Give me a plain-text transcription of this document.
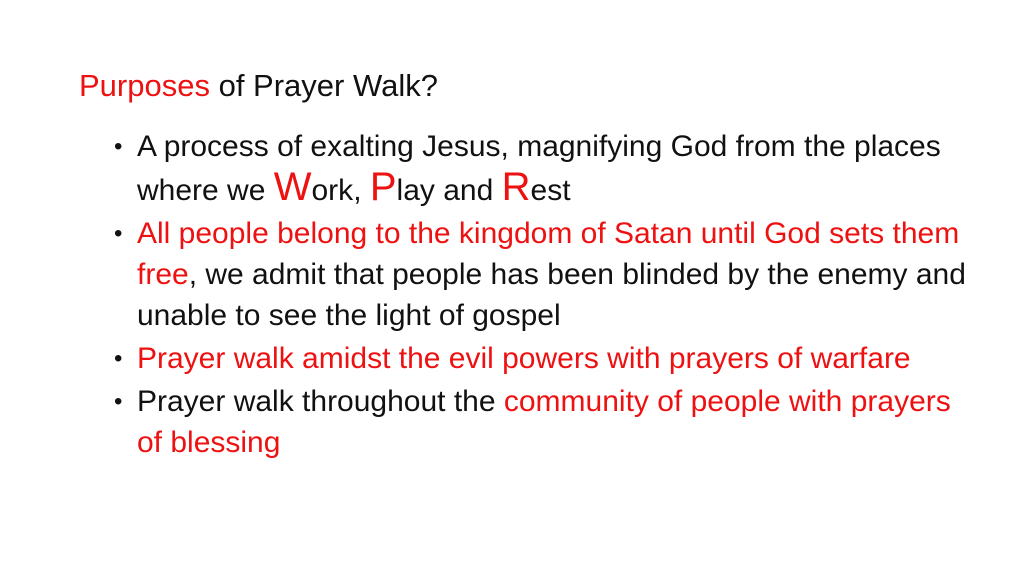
Purposes of Prayer Walk?
• A process of exalting Jesus, magnifying God from the places where we Work, Play and Rest
• All people belong to the kingdom of Satan until God sets them free, we admit that people has been blinded by the enemy and unable to see the light of gospel
• Prayer walk amidst the evil powers with prayers of warfare
• Prayer walk throughout the community of people with prayers of blessing
